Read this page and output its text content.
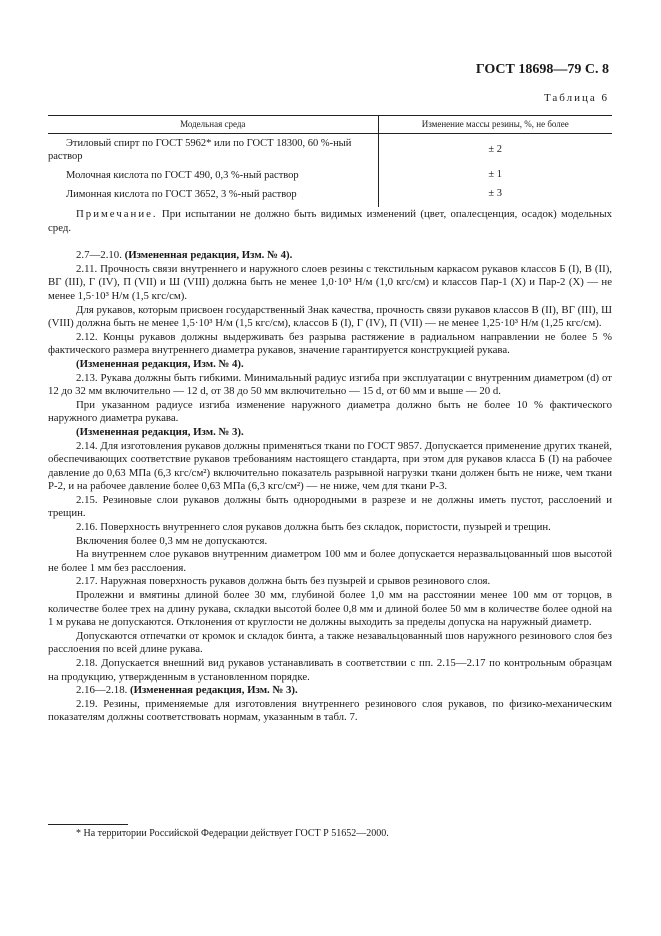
ГОСТ 18698—79 С. 8
Таблица 6
Модельная среда	Изменение массы резины, %, не более
Этиловый спирт по ГОСТ 5962* или по ГОСТ 18300, 60 %-ный раствор	± 2
Молочная кислота по ГОСТ 490, 0,3 %-ный раствор	± 1
Лимонная кислота по ГОСТ 3652, 3 %-ный раствор	± 3

Примечание. При испытании не должно быть видимых изменений (цвет, опалесценция, осадок) модельных сред.

2.7—2.10. (Измененная редакция, Изм. № 4).

2.11. Прочность связи внутреннего и наружного слоев резины с текстильным каркасом рукавов классов Б (I), В (II), ВГ (III), Г (IV), П (VII) и Ш (VIII) должна быть не менее 1,0·10³ Н/м (1,0 кгс/см) и классов Пар-1 (X) и Пар-2 (X) — не менее 1,5·10³ Н/м (1,5 кгс/см).

Для рукавов, которым присвоен государственный Знак качества, прочность связи рукавов классов В (II), ВГ (III), Ш (VIII) должна быть не менее 1,5·10³ Н/м (1,5 кгс/см), классов Б (I), Г (IV), П (VII) — не менее 1,25·10³ Н/м (1,25 кгс/см).

2.12. Концы рукавов должны выдерживать без разрыва растяжение в радиальном направлении не более 5 % фактического размера внутреннего диаметра рукавов, значение гарантируется конструкцией рукава.

(Измененная редакция, Изм. № 4).

2.13. Рукава должны быть гибкими. Минимальный радиус изгиба при эксплуатации с внутренним диаметром (d) от 12 до 32 мм включительно — 12 d, от 38 до 50 мм включительно — 15 d, от 60 мм и выше — 20 d.

При указанном радиусе изгиба изменение наружного диаметра должно быть не более 10 % фактического наружного диаметра рукава.

(Измененная редакция, Изм. № 3).

2.14. Для изготовления рукавов должны применяться ткани по ГОСТ 9857. Допускается применение других тканей, обеспечивающих соответствие рукавов требованиям настоящего стандарта, при этом для рукавов класса Б (I) на рабочее давление до 0,63 МПа (6,3 кгс/см²) включительно показатель разрывной нагрузки ткани должен быть не ниже, чем ткани Р-2, и на рабочее давление более 0,63 МПа (6,3 кгс/см²) — не ниже, чем для ткани Р-3.

2.15. Резиновые слои рукавов должны быть однородными в разрезе и не должны иметь пустот, расслоений и трещин.

2.16. Поверхность внутреннего слоя рукавов должна быть без складок, пористости, пузырей и трещин.

Включения более 0,3 мм не допускаются.

На внутреннем слое рукавов внутренним диаметром 100 мм и более допускается неразвальцованный шов высотой не более 1 мм без расслоения.

2.17. Наружная поверхность рукавов должна быть без пузырей и срывов резинового слоя.

Пролежни и вмятины длиной более 30 мм, глубиной более 1,0 мм на расстоянии менее 100 мм от торцов, в количестве более трех на длину рукава, складки высотой более 0,8 мм и длиной более 50 мм в количестве более одной на 1 м рукава не допускаются. Отклонения от круглости не должны выходить за пределы допуска на наружный диаметр.

Допускаются отпечатки от кромок и складок бинта, а также незавальцованный шов наружного резинового слоя без расслоения по всей длине рукава.

2.18. Допускается внешний вид рукавов устанавливать в соответствии с пп. 2.15—2.17 по контрольным образцам на продукцию, утвержденным в установленном порядке.

2.16—2.18. (Измененная редакция, Изм. № 3).

2.19. Резины, применяемые для изготовления внутреннего резинового слоя рукавов, по физико-механическим показателям должны соответствовать нормам, указанным в табл. 7.

* На территории Российской Федерации действует ГОСТ Р 51652—2000.
